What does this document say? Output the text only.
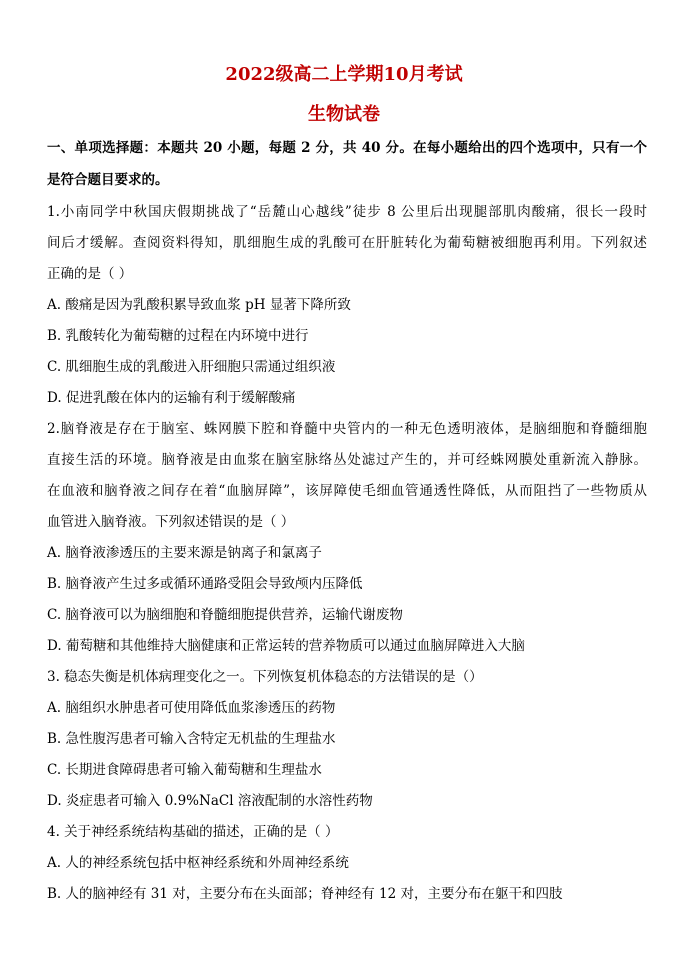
2022级高二上学期10月考试
生物试卷
一、单项选择题：本题共 20 小题，每题 2 分，共 40 分。在每小题给出的四个选项中，只有一个
是符合题目要求的。
1.小南同学中秋国庆假期挑战了“岳麓山心越线”徒步 8 公里后出现腿部肌肉酸痛，很长一段时
间后才缓解。查阅资料得知，肌细胞生成的乳酸可在肝脏转化为葡萄糖被细胞再利用。下列叙述
正确的是（ ）
A. 酸痛是因为乳酸积累导致血浆 pH 显著下降所致
B. 乳酸转化为葡萄糖的过程在内环境中进行
C. 肌细胞生成的乳酸进入肝细胞只需通过组织液
D. 促进乳酸在体内的运输有利于缓解酸痛
2.脑脊液是存在于脑室、蛛网膜下腔和脊髓中央管内的一种无色透明液体，是脑细胞和脊髓细胞
直接生活的环境。脑脊液是由血浆在脑室脉络丛处滤过产生的，并可经蛛网膜处重新流入静脉。
在血液和脑脊液之间存在着“血脑屏障”，该屏障使毛细血管通透性降低，从而阻挡了一些物质从
血管进入脑脊液。下列叙述错误的是（ ）
A. 脑脊液渗透压的主要来源是钠离子和氯离子
B. 脑脊液产生过多或循环通路受阻会导致颅内压降低
C. 脑脊液可以为脑细胞和脊髓细胞提供营养，运输代谢废物
D. 葡萄糖和其他维持大脑健康和正常运转的营养物质可以通过血脑屏障进入大脑
3. 稳态失衡是机体病理变化之一。下列恢复机体稳态的方法错误的是（）
A. 脑组织水肿患者可使用降低血浆渗透压的药物
B. 急性腹泻患者可输入含特定无机盐的生理盐水
C. 长期进食障碍患者可输入葡萄糖和生理盐水
D. 炎症患者可输入 0.9%NaCl 溶液配制的水溶性药物
4. 关于神经系统结构基础的描述，正确的是（ ）
A. 人的神经系统包括中枢神经系统和外周神经系统
B. 人的脑神经有 31 对，主要分布在头面部；脊神经有 12 对，主要分布在躯干和四肢
